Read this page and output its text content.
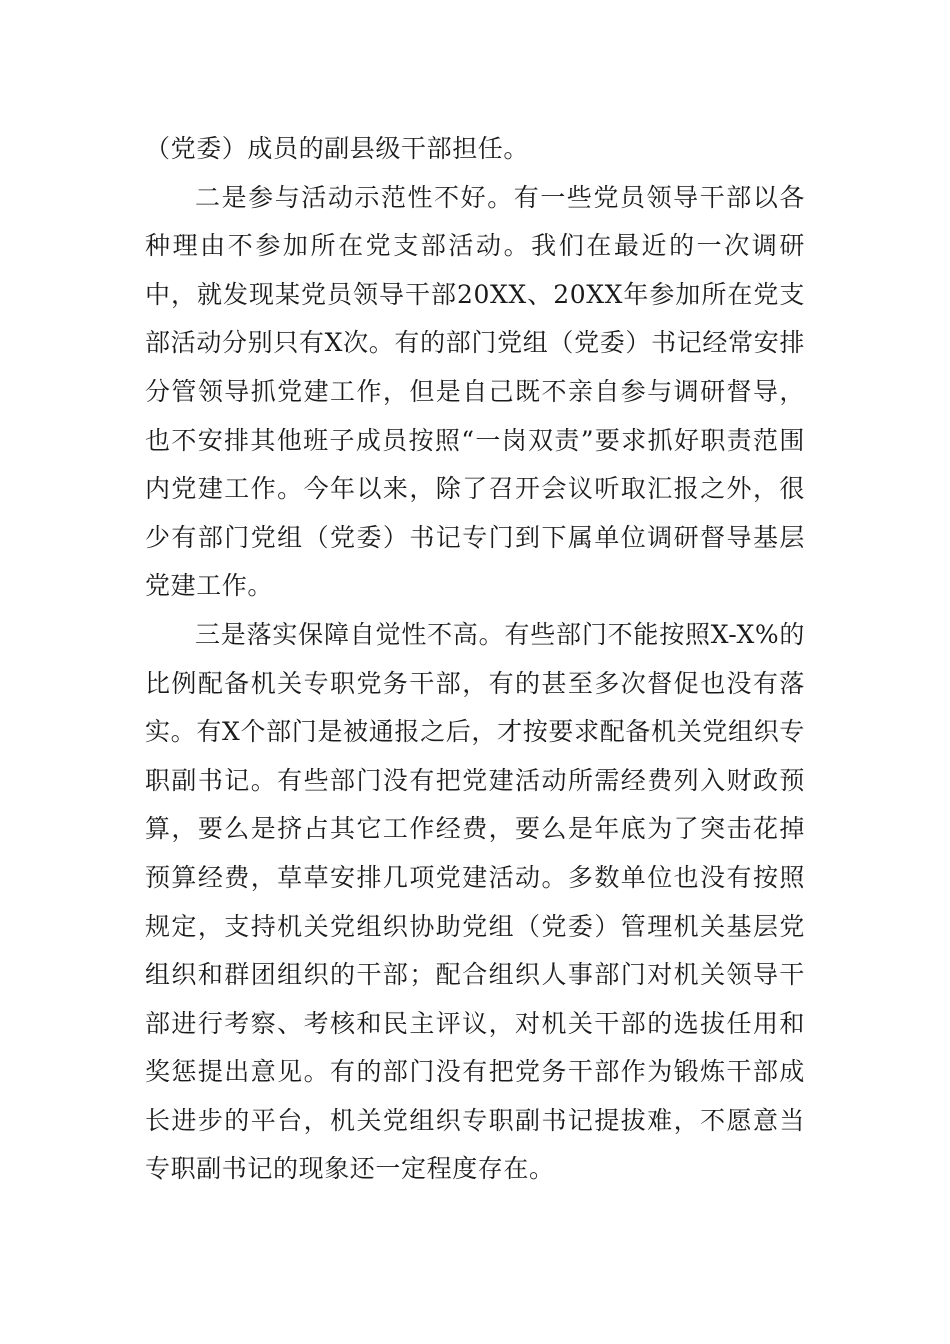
（党委）成员的副县级干部担任。

二是参与活动示范性不好。有一些党员领导干部以各种理由不参加所在党支部活动。我们在最近的一次调研中，就发现某党员领导干部20XX、20XX年参加所在党支部活动分别只有X次。有的部门党组（党委）书记经常安排分管领导抓党建工作，但是自己既不亲自参与调研督导，也不安排其他班子成员按照“一岗双责”要求抓好职责范围内党建工作。今年以来，除了召开会议听取汇报之外，很少有部门党组（党委）书记专门到下属单位调研督导基层党建工作。

三是落实保障自觉性不高。有些部门不能按照X-X%的比例配备机关专职党务干部，有的甚至多次督促也没有落实。有X个部门是被通报之后，才按要求配备机关党组织专职副书记。有些部门没有把党建活动所需经费列入财政预算，要么是挤占其它工作经费，要么是年底为了突击花掉预算经费，草草安排几项党建活动。多数单位也没有按照规定，支持机关党组织协助党组（党委）管理机关基层党组织和群团组织的干部；配合组织人事部门对机关领导干部进行考察、考核和民主评议，对机关干部的选拔任用和奖惩提出意见。有的部门没有把党务干部作为锻炼干部成长进步的平台，机关党组织专职副书记提拔难，不愿意当专职副书记的现象还一定程度存在。
